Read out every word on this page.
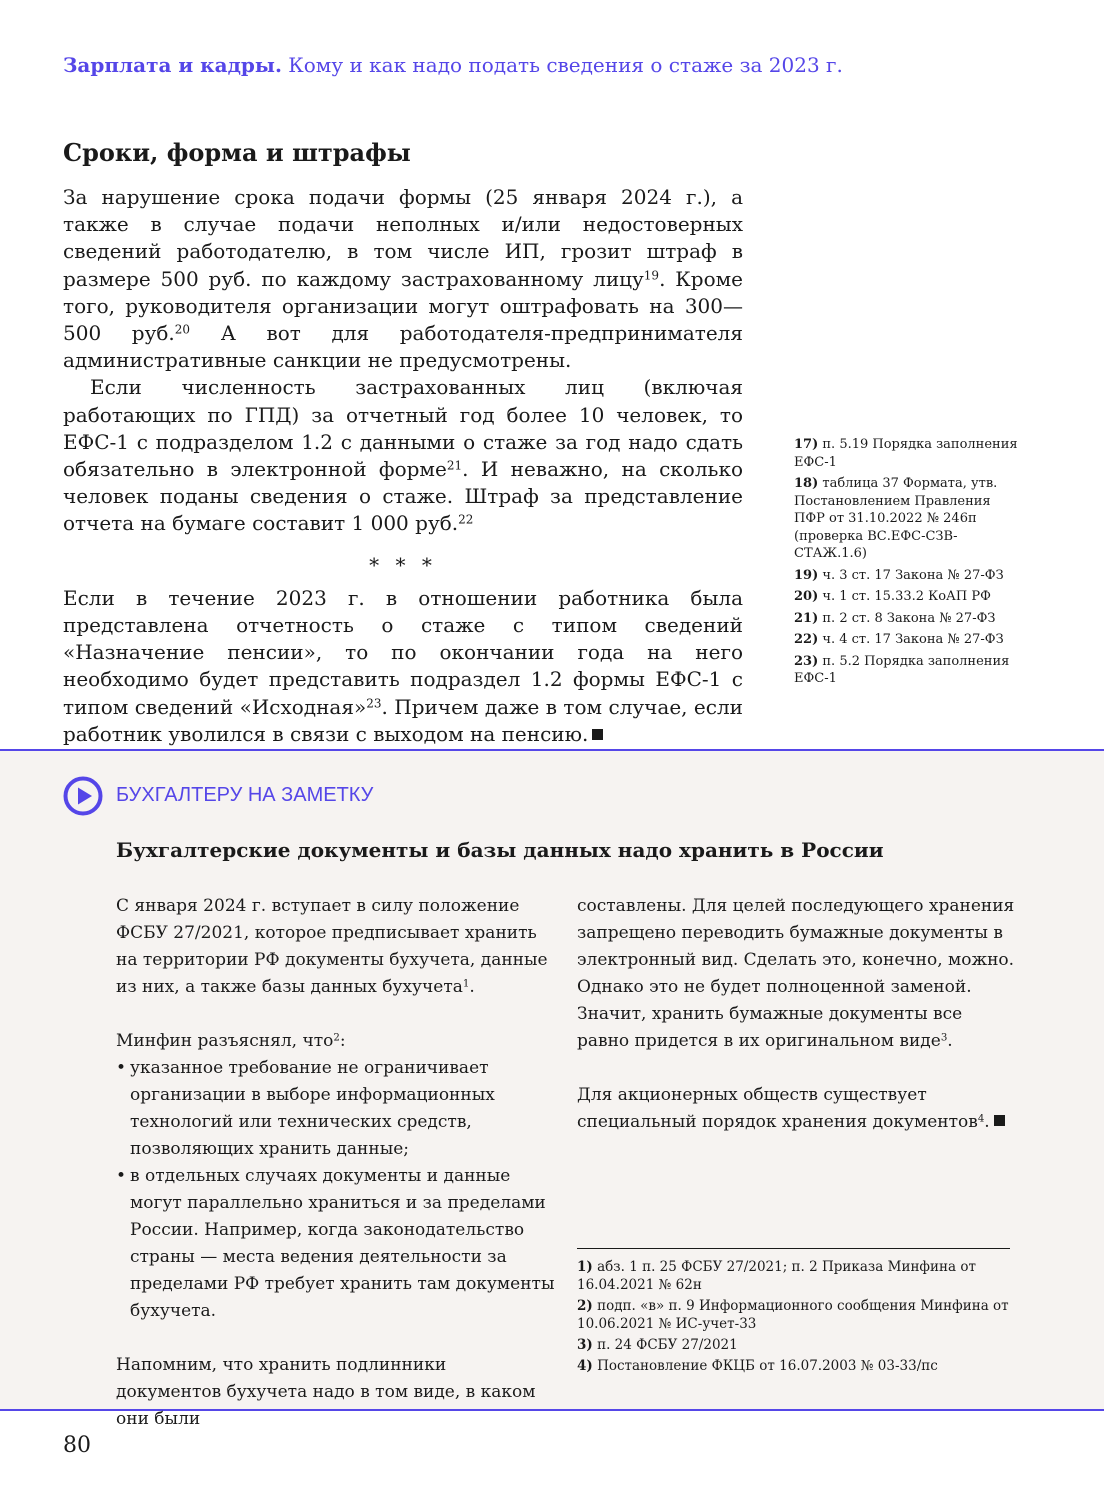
Зарплата и кадры. Кому и как надо подать сведения о стаже за 2023 г.
Сроки, форма и штрафы

За нарушение срока подачи формы (25 января 2024 г.), а также в случае подачи неполных и/или недостоверных сведений работодателю, в том числе ИП, грозит штраф в размере 500 руб. по каждому застрахованному лицу$^{19}$. Кроме того, руководителя организации могут оштрафовать на 300—500 руб.$^{20}$ А вот для работодателя-предпринимателя административные санкции не предусмотрены.

Если численность застрахованных лиц (включая работающих по ГПД) за отчетный год более 10 человек, то ЕФС-1 с подразделом 1.2 с данными о стаже за год надо сдать обязательно в электронной форме$^{21}$. И неважно, на сколько человек поданы сведения о стаже. Штраф за представление отчета на бумаге составит 1 000 руб.$^{22}$

* * *

Если в течение 2023 г. в отношении работника была представлена отчетность о стаже с типом сведений «Назначение пенсии», то по окончании года на него необходимо будет представить подраздел 1.2 формы ЕФС-1 с типом сведений «Исходная»$^{23}$. Причем даже в том случае, если работник уволился в связи с выходом на пенсию.

17) п. 5.19 Порядка заполнения ЕФС-1
18) таблица 37 Формата, утв. Постановлением Правления ПФР от 31.10.2022 № 246п (проверка ВС.ЕФС-СЗВ-СТАЖ.1.6)
19) ч. 3 ст. 17 Закона № 27-ФЗ
20) ч. 1 ст. 15.33.2 КоАП РФ
21) п. 2 ст. 8 Закона № 27-ФЗ
22) ч. 4 ст. 17 Закона № 27-ФЗ
23) п. 5.2 Порядка заполнения ЕФС-1
БУХГАЛТЕРУ НА ЗАМЕТКУ
Бухгалтерские документы и базы данных надо хранить в России

С января 2024 г. вступает в силу положение ФСБУ 27/2021, которое предписывает хранить на территории РФ документы бухучета, данные из них, а также базы данных бухучета$^1$.

Минфин разъяснял, что$^2$:

• указанное требование не ограничивает организации в выборе информационных технологий или технических средств, позволяющих хранить данные;
• в отдельных случаях документы и данные могут параллельно храниться и за пределами России. Например, когда законодательство страны — места ведения деятельности за пределами РФ требует хранить там документы бухучета.

Напомним, что хранить подлинники документов бухучета надо в том виде, в каком они были

составлены. Для целей последующего хранения запрещено переводить бумажные документы в электронный вид. Сделать это, конечно, можно. Однако это не будет полноценной заменой. Значит, хранить бумажные документы все равно придется в их оригинальном виде$^3$.

Для акционерных обществ существует специальный порядок хранения документов$^4$.

1) абз. 1 п. 25 ФСБУ 27/2021; п. 2 Приказа Минфина от 16.04.2021 № 62н
2) подп. «в» п. 9 Информационного сообщения Минфина от 10.06.2021 № ИС-учет-33
3) п. 24 ФСБУ 27/2021
4) Постановление ФКЦБ от 16.07.2003 № 03-33/пс
80
